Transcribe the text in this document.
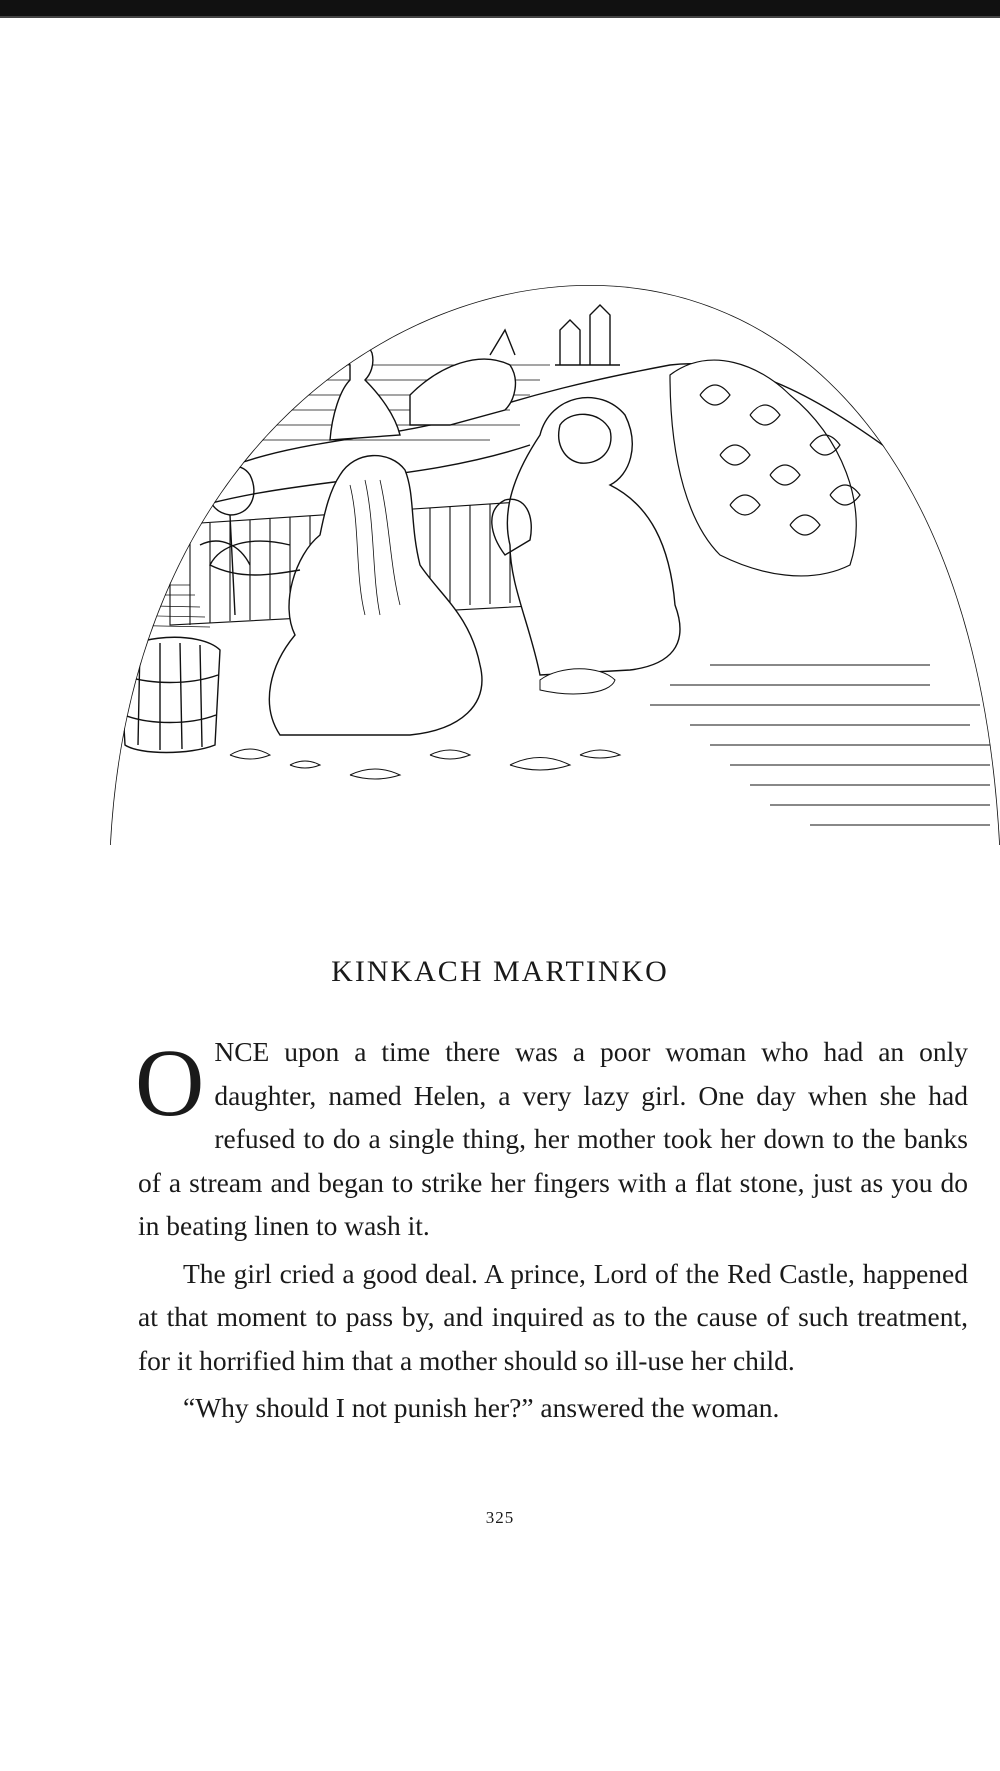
KINKACH MARTINKO

ONCE upon a time there was a poor woman who had an only daughter, named Helen, a very lazy girl. One day when she had refused to do a single thing, her mother took her down to the banks of a stream and began to strike her fingers with a flat stone, just as you do in beating linen to wash it.

The girl cried a good deal. A prince, Lord of the Red Castle, happened at that moment to pass by, and inquired as to the cause of such treatment, for it horrified him that a mother should so ill-use her child.

“Why should I not punish her?” answered the woman.

325
